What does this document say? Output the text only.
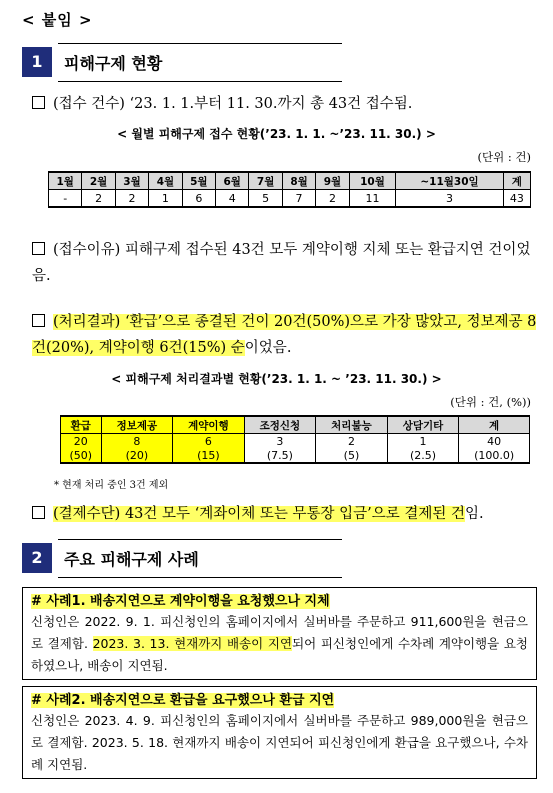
< 붙임 >
1	피해구제 현황
(접수 건수) ‘23. 1. 1.부터 11. 30.까지 총 43건 접수됨.
< 월별 피해구제 접수 현황(’23. 1. 1. ~’23. 11. 30.) >
(단위 : 건)
1월	2월	3월	4월	5월	6월	7월	8월	9월	10월	~11월30일	계
-	2	2	1	6	4	5	7	2	11	3	43
(접수이유) 피해구제 접수된 43건 모두 계약이행 지체 또는 환급지연 건이었음.
(처리결과) ‘환급’으로 종결된 건이 20건(50%)으로 가장 많았고, 정보제공 8건(20%), 계약이행 6건(15%) 순이었음.
< 피해구제 처리결과별 현황(’23. 1. 1. ~ ’23. 11. 30.) >
(단위 : 건, (%))
환급	정보제공	계약이행	조정신청	처리불능	상담기타	계
20	8	6	3	2	1	40
(50)	(20)	(15)	(7.5)	(5)	(2.5)	(100.0)
* 현재 처리 중인 3건 제외
(결제수단) 43건 모두 ‘계좌이체 또는 무통장 입금’으로 결제된 건임.
2	주요 피해구제 사례
# 사례1. 배송지연으로 계약이행을 요청했으나 지체
신청인은 2022. 9. 1. 피신청인의 홈페이지에서 실버바를 주문하고 911,600원을 현금으로 결제함. 2023. 3. 13. 현재까지 배송이 지연되어 피신청인에게 수차례 계약이행을 요청하였으나, 배송이 지연됨.
# 사례2. 배송지연으로 환급을 요구했으나 환급 지연
신청인은 2023. 4. 9. 피신청인의 홈페이지에서 실버바를 주문하고 989,000원을 현금으로 결제함. 2023. 5. 18. 현재까지 배송이 지연되어 피신청인에게 환급을 요구했으나, 수차례 지연됨.
